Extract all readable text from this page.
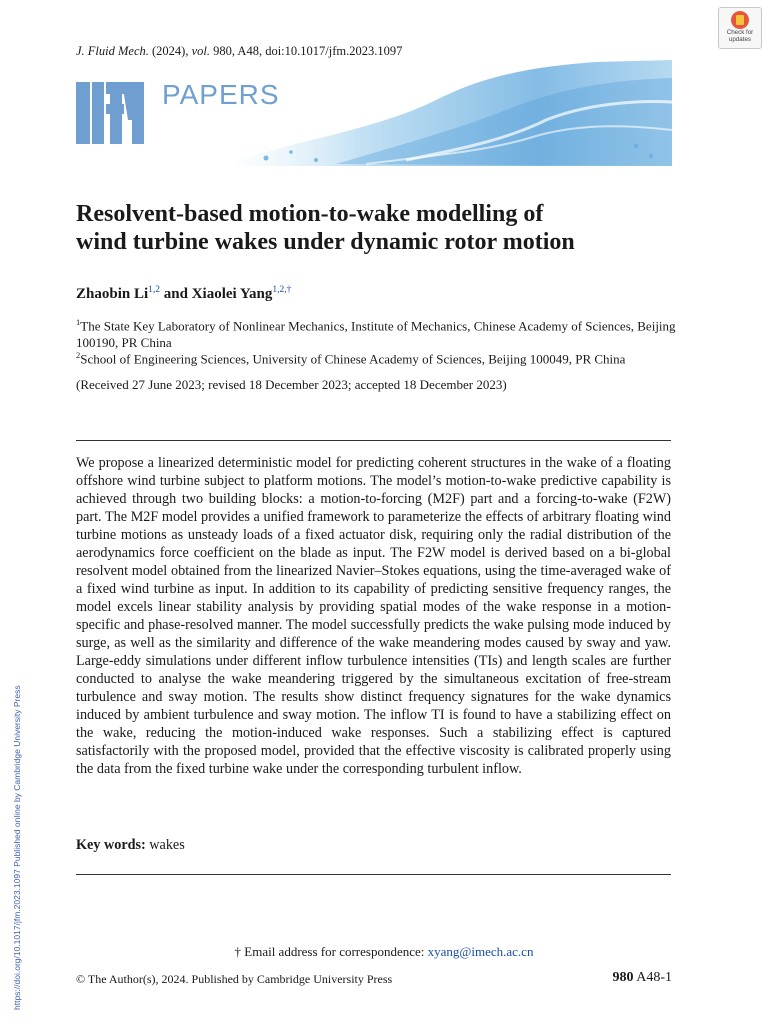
J. Fluid Mech. (2024), vol. 980, A48, doi:10.1017/jfm.2023.1097
Check for
updates
PAPERS
Resolvent-based motion-to-wake modelling of
wind turbine wakes under dynamic rotor motion
Zhaobin Li$^{1,2}$ and Xiaolei Yang$^{1,2,\dagger}$
$^1$The State Key Laboratory of Nonlinear Mechanics, Institute of Mechanics, Chinese Academy of Sciences, Beijing 100190, PR China
$^2$School of Engineering Sciences, University of Chinese Academy of Sciences, Beijing 100049, PR China
(Received 27 June 2023; revised 18 December 2023; accepted 18 December 2023)
We propose a linearized deterministic model for predicting coherent structures in the wake of a floating offshore wind turbine subject to platform motions. The model’s motion-to-wake predictive capability is achieved through two building blocks: a motion-to-forcing (M2F) part and a forcing-to-wake (F2W) part. The M2F model provides a unified framework to parameterize the effects of arbitrary floating wind turbine motions as unsteady loads of a fixed actuator disk, requiring only the radial distribution of the aerodynamics force coefficient on the blade as input. The F2W model is derived based on a bi-global resolvent model obtained from the linearized Navier–Stokes equations, using the time-averaged wake of a fixed wind turbine as input. In addition to its capability of predicting sensitive frequency ranges, the model excels linear stability analysis by providing spatial modes of the wake response in a motion-specific and phase-resolved manner. The model successfully predicts the wake pulsing mode induced by surge, as well as the similarity and difference of the wake meandering modes caused by sway and yaw. Large-eddy simulations under different inflow turbulence intensities (TIs) and length scales are further conducted to analyse the wake meandering triggered by the simultaneous excitation of free-stream turbulence and sway motion. The results show distinct frequency signatures for the wake dynamics induced by ambient turbulence and sway motion. The inflow TI is found to have a stabilizing effect on the wake, reducing the motion-induced wake responses. Such a stabilizing effect is captured satisfactorily with the proposed model, provided that the effective viscosity is calibrated properly using the data from the fixed turbine wake under the corresponding turbulent inflow.
Key words: wakes
† Email address for correspondence: xyang@imech.ac.cn
© The Author(s), 2024. Published by Cambridge University Press	980 A48-1
https://doi.org/10.1017/jfm.2023.1097 Published online by Cambridge University Press
